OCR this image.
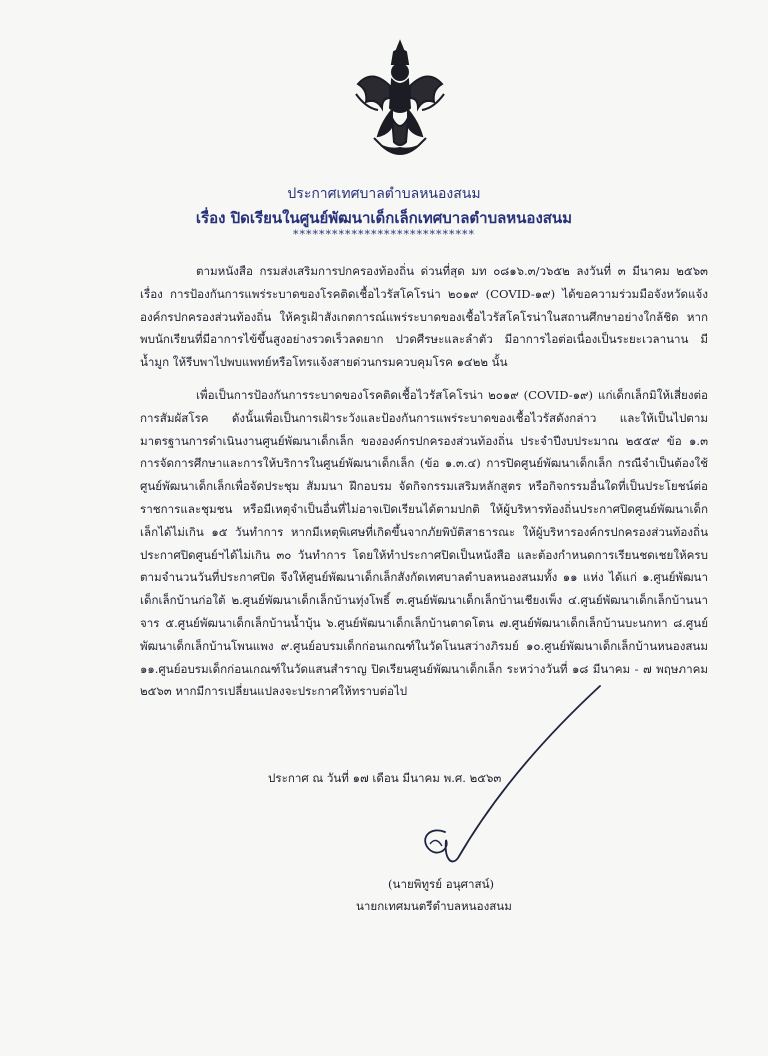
ประกาศเทศบาลตำบลหนองสนม
เรื่อง ปิดเรียนในศูนย์พัฒนาเด็กเล็กเทศบาลตำบลหนองสนม
****************************
ตามหนังสือ กรมส่งเสริมการปกครองท้องถิ่น ด่วนที่สุด มท ๐๘๑๖.๓/ว๖๕๒ ลงวันที่ ๓ มีนาคม ๒๕๖๓ เรื่อง การป้องกันการแพร่ระบาดของโรคติดเชื้อไวรัสโคโรน่า ๒๐๑๙ (COVID-๑๙) ได้ขอความร่วมมือจังหวัดแจ้งองค์กรปกครองส่วนท้องถิ่น ให้ครูเฝ้าสังเกตการณ์แพร่ระบาดของเชื้อไวรัสโคโรน่าในสถานศึกษาอย่างใกล้ชิด หากพบนักเรียนที่มีอาการไข้ขึ้นสูงอย่างรวดเร็วลดยาก ปวดศีรษะและลำตัว มีอาการไอต่อเนื่องเป็นระยะเวลานาน มีน้ำมูก ให้รีบพาไปพบแพทย์หรือโทรแจ้งสายด่วนกรมควบคุมโรค ๑๔๒๒ นั้น
เพื่อเป็นการป้องกันการระบาดของโรคติดเชื้อไวรัสโคโรน่า ๒๐๑๙ (COVID-๑๙) แก่เด็กเล็กมิให้เสี่ยงต่อการสัมผัสโรค ดังนั้นเพื่อเป็นการเฝ้าระวังและป้องกันการแพร่ระบาดของเชื้อไวรัสดังกล่าว และให้เป็นไปตามมาตรฐานการดำเนินงานศูนย์พัฒนาเด็กเล็ก ขององค์กรปกครองส่วนท้องถิ่น ประจำปีงบประมาณ ๒๕๕๙ ข้อ ๑.๓ การจัดการศึกษาและการให้บริการในศูนย์พัฒนาเด็กเล็ก (ข้อ ๑.๓.๔) การปิดศูนย์พัฒนาเด็กเล็ก กรณีจำเป็นต้องใช้ศูนย์พัฒนาเด็กเล็กเพื่อจัดประชุม สัมมนา ฝึกอบรม จัดกิจกรรมเสริมหลักสูตร หรือกิจกรรมอื่นใดที่เป็นประโยชน์ต่อราชการและชุมชน หรือมีเหตุจำเป็นอื่นที่ไม่อาจเปิดเรียนได้ตามปกติ ให้ผู้บริหารท้องถิ่นประกาศปิดศูนย์พัฒนาเด็กเล็กได้ไม่เกิน ๑๕ วันทำการ หากมีเหตุพิเศษที่เกิดขึ้นจากภัยพิบัติสาธารณะ ให้ผู้บริหารองค์กรปกครองส่วนท้องถิ่นประกาศปิดศูนย์ฯได้ไม่เกิน ๓๐ วันทำการ โดยให้ทำประกาศปิดเป็นหนังสือ และต้องกำหนดการเรียนชดเชยให้ครบตามจำนวนวันที่ประกาศปิด จึงให้ศูนย์พัฒนาเด็กเล็กสังกัดเทศบาลตำบลหนองสนมทั้ง ๑๑ แห่ง ได้แก่ ๑.ศูนย์พัฒนาเด็กเล็กบ้านก่อใต้ ๒.ศูนย์พัฒนาเด็กเล็กบ้านทุ่งโพธิ์ ๓.ศูนย์พัฒนาเด็กเล็กบ้านเชียงเพ็ง ๔.ศูนย์พัฒนาเด็กเล็กบ้านนาจาร ๕.ศูนย์พัฒนาเด็กเล็กบ้านน้ำบุ้น ๖.ศูนย์พัฒนาเด็กเล็กบ้านตาดโตน ๗.ศูนย์พัฒนาเด็กเล็กบ้านบะนกทา ๘.ศูนย์พัฒนาเด็กเล็กบ้านโพนแพง ๙.ศูนย์อบรมเด็กก่อนเกณฑ์ในวัดโนนสว่างภิรมย์ ๑๐.ศูนย์พัฒนาเด็กเล็กบ้านหนองสนม ๑๑.ศูนย์อบรมเด็กก่อนเกณฑ์ในวัดแสนสำราญ ปิดเรียนศูนย์พัฒนาเด็กเล็ก ระหว่างวันที่ ๑๘ มีนาคม - ๗ พฤษภาคม ๒๕๖๓ หากมีการเปลี่ยนแปลงจะประกาศให้ทราบต่อไป
ประกาศ ณ วันที่ ๑๗ เดือน มีนาคม พ.ศ. ๒๕๖๓
(นายพิทูรย์ อนุศาสน์)
นายกเทศมนตรีตำบลหนองสนม
